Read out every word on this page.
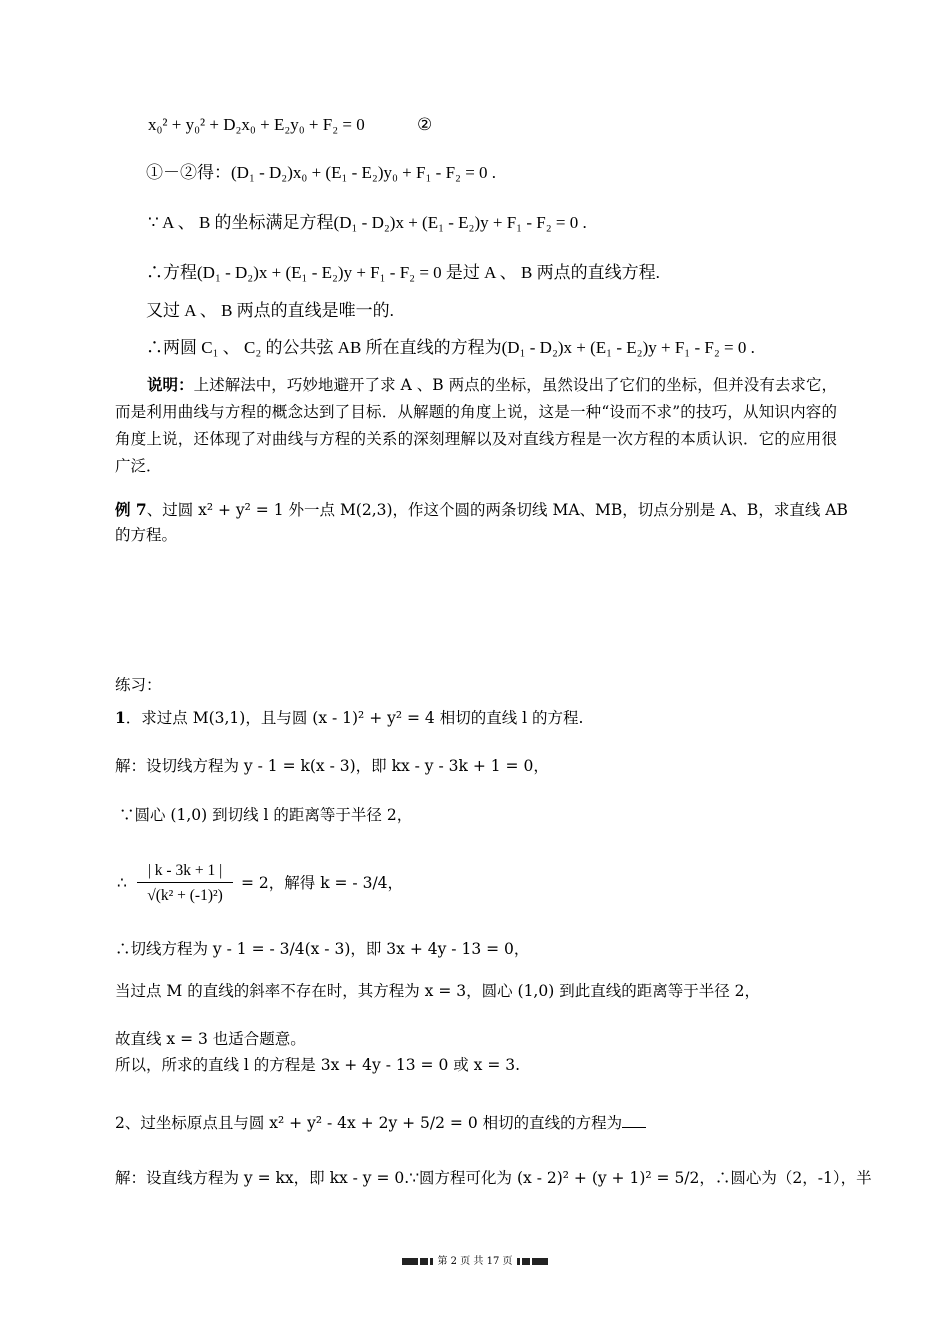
x₀² + y₀² + D₂x₀ + E₂y₀ + F₂ = 0	②
①－②得：(D₁ - D₂)x₀ + (E₁ - E₂)y₀ + F₁ - F₂ = 0 .
∵ A 、 B 的坐标满足方程(D₁ - D₂)x + (E₁ - E₂)y + F₁ - F₂ = 0 .
∴方程(D₁ - D₂)x + (E₁ - E₂)y + F₁ - F₂ = 0 是过 A 、 B 两点的直线方程.
又过 A 、 B 两点的直线是唯一的.
∴两圆 C₁ 、 C₂ 的公共弦 AB 所在直线的方程为(D₁ - D₂)x + (E₁ - E₂)y + F₁ - F₂ = 0 .
说明：上述解法中，巧妙地避开了求 A 、B 两点的坐标，虽然设出了它们的坐标，但并没有去求它，而是利用曲线与方程的概念达到了目标．从解题的角度上说，这是一种“设而不求”的技巧，从知识内容的角度上说，还体现了对曲线与方程的关系的深刻理解以及对直线方程是一次方程的本质认识．它的应用很广泛．
例 7、过圆 x² + y² = 1 外一点 M(2,3)，作这个圆的两条切线 MA、MB，切点分别是 A、B，求直线 AB
的方程。
练习：
1．求过点 M(3,1)，且与圆 (x - 1)² + y² = 4 相切的直线 l 的方程.
解：设切线方程为 y - 1 = k(x - 3)，即 kx - y - 3k + 1 = 0，
∵圆心 (1,0) 到切线 l 的距离等于半径 2，
∴ $\frac{| k - 3k + 1 |}{\text{√(k² + (-1)²)}} = 2$，解得 k = - 3/4，
∴切线方程为 y - 1 = - 3/4(x - 3)，即 3x + 4y - 13 = 0，
当过点 M 的直线的斜率不存在时，其方程为 x = 3，圆心 (1,0) 到此直线的距离等于半径 2，
故直线 x = 3 也适合题意。
所以，所求的直线 l 的方程是 3x + 4y - 13 = 0 或 x = 3.
2、过坐标原点且与圆 x² + y² - 4x + 2y + 5/2 = 0 相切的直线的方程为
解：设直线方程为 y = kx，即 kx - y = 0.∵圆方程可化为 (x - 2)² + (y + 1)² = 5/2，∴圆心为（2，-1），半
第 2 页 共 17 页
